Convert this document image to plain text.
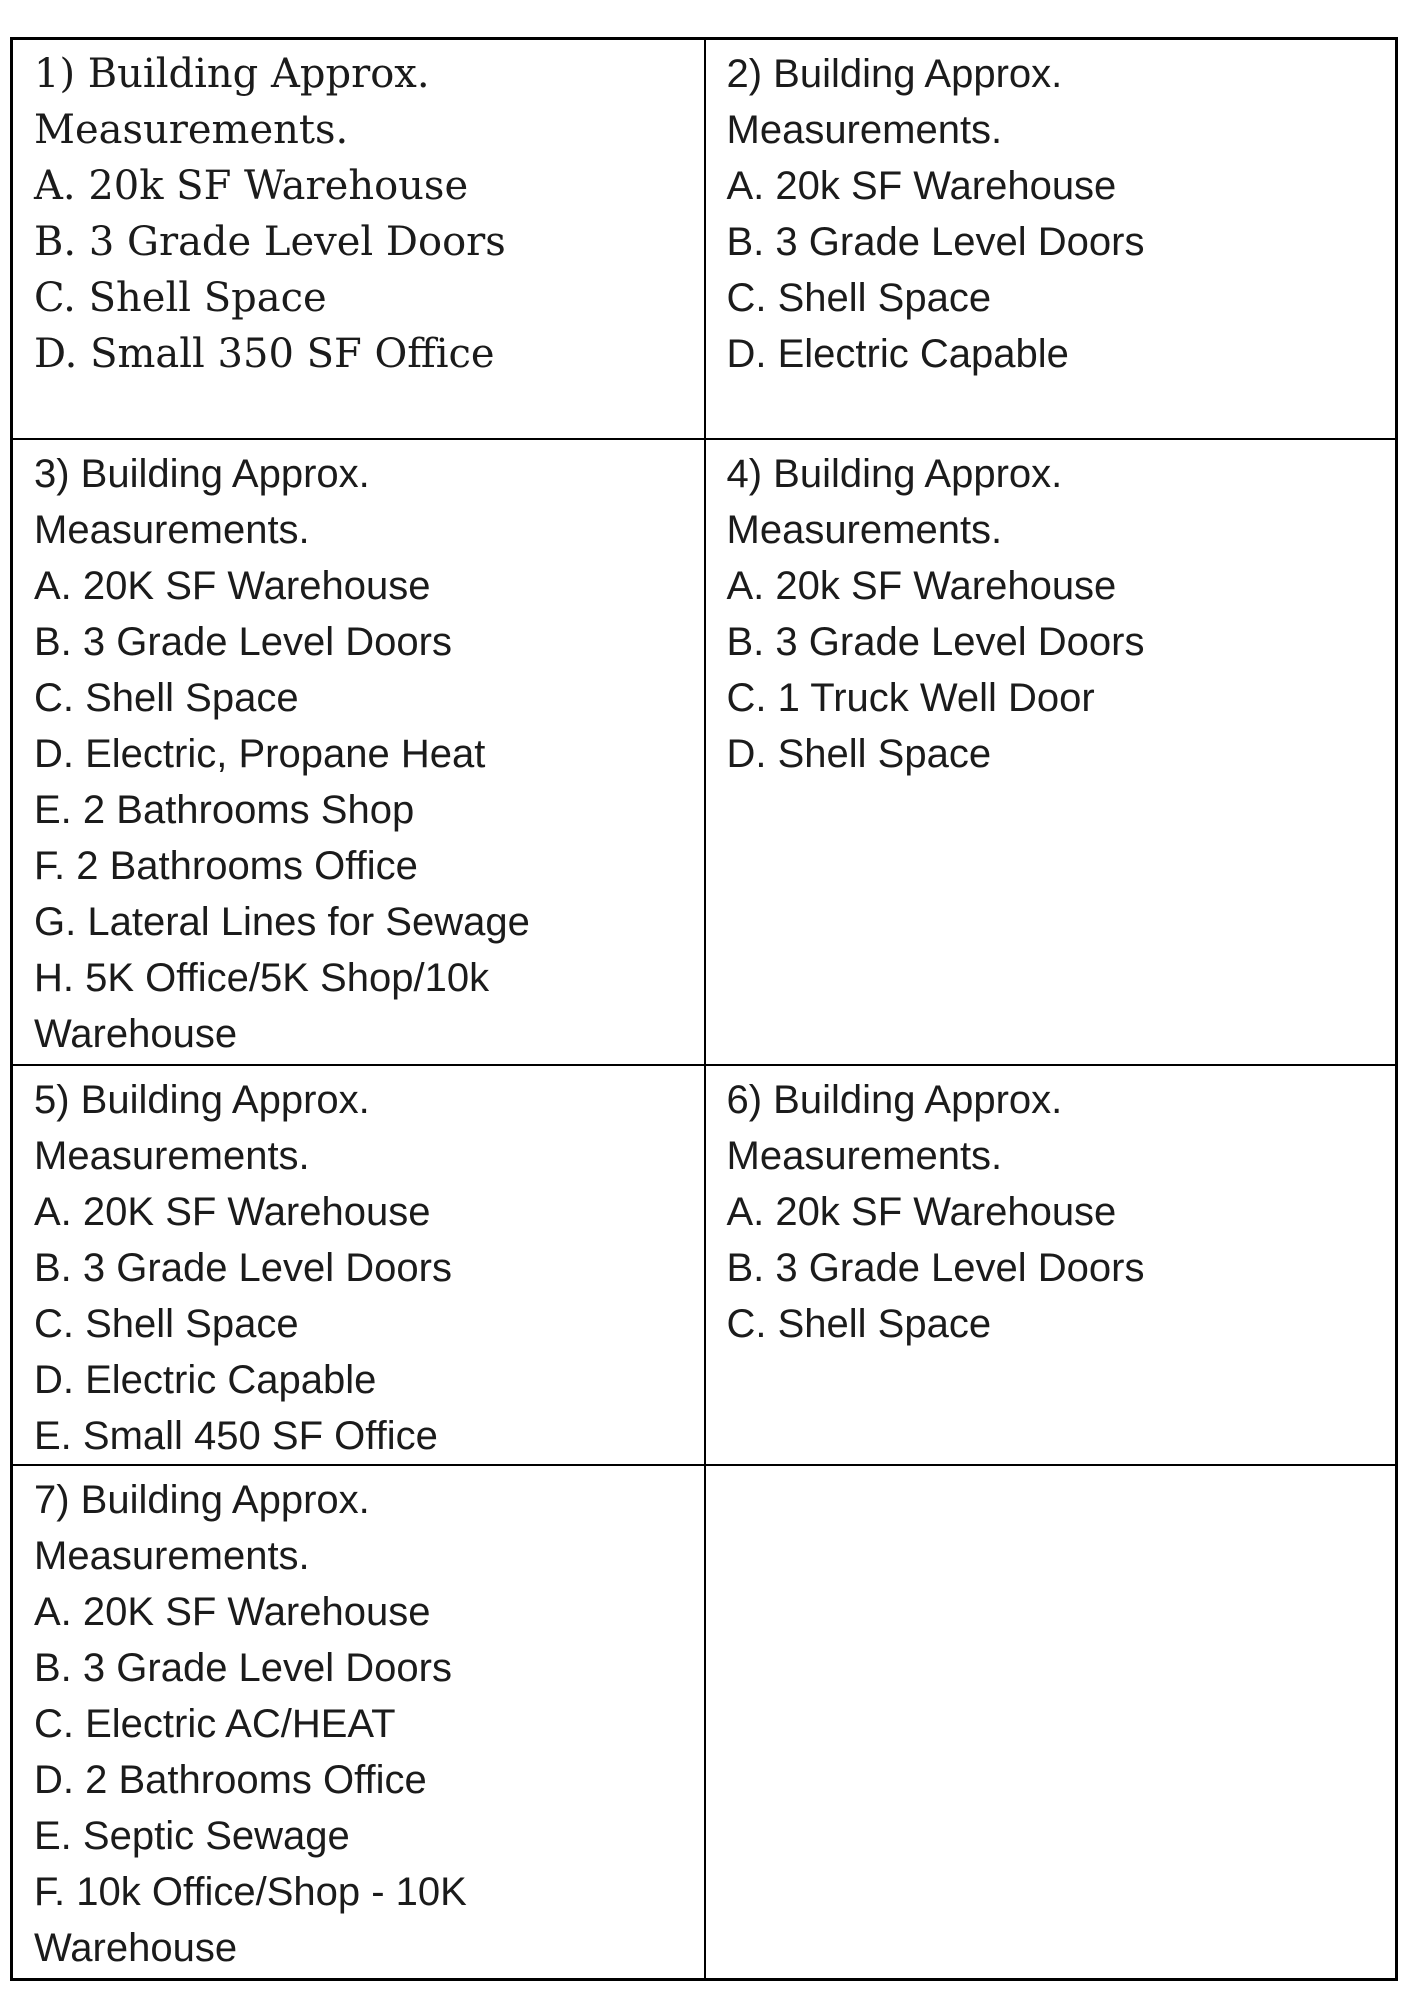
1) Building Approx.
Measurements.
A. 20k SF Warehouse
B. 3 Grade Level Doors
C. Shell Space
D. Small 350 SF Office

2) Building Approx.
Measurements.
A. 20k SF Warehouse
B. 3 Grade Level Doors
C. Shell Space
D. Electric Capable

3) Building Approx.
Measurements.
A. 20K SF Warehouse
B. 3 Grade Level Doors
C. Shell Space
D. Electric, Propane Heat
E. 2 Bathrooms Shop
F. 2 Bathrooms Office
G. Lateral Lines for Sewage
H. 5K Office/5K Shop/10k
Warehouse

4) Building Approx.
Measurements.
A. 20k SF Warehouse
B. 3 Grade Level Doors
C. 1 Truck Well Door
D. Shell Space

5) Building Approx.
Measurements.
A. 20K SF Warehouse
B. 3 Grade Level Doors
C. Shell Space
D. Electric Capable
E. Small 450 SF Office

6) Building Approx.
Measurements.
A. 20k SF Warehouse
B. 3 Grade Level Doors
C. Shell Space

7) Building Approx.
Measurements.
A. 20K SF Warehouse
B. 3 Grade Level Doors
C. Electric AC/HEAT
D. 2 Bathrooms Office
E. Septic Sewage
F. 10k Office/Shop - 10K
Warehouse
